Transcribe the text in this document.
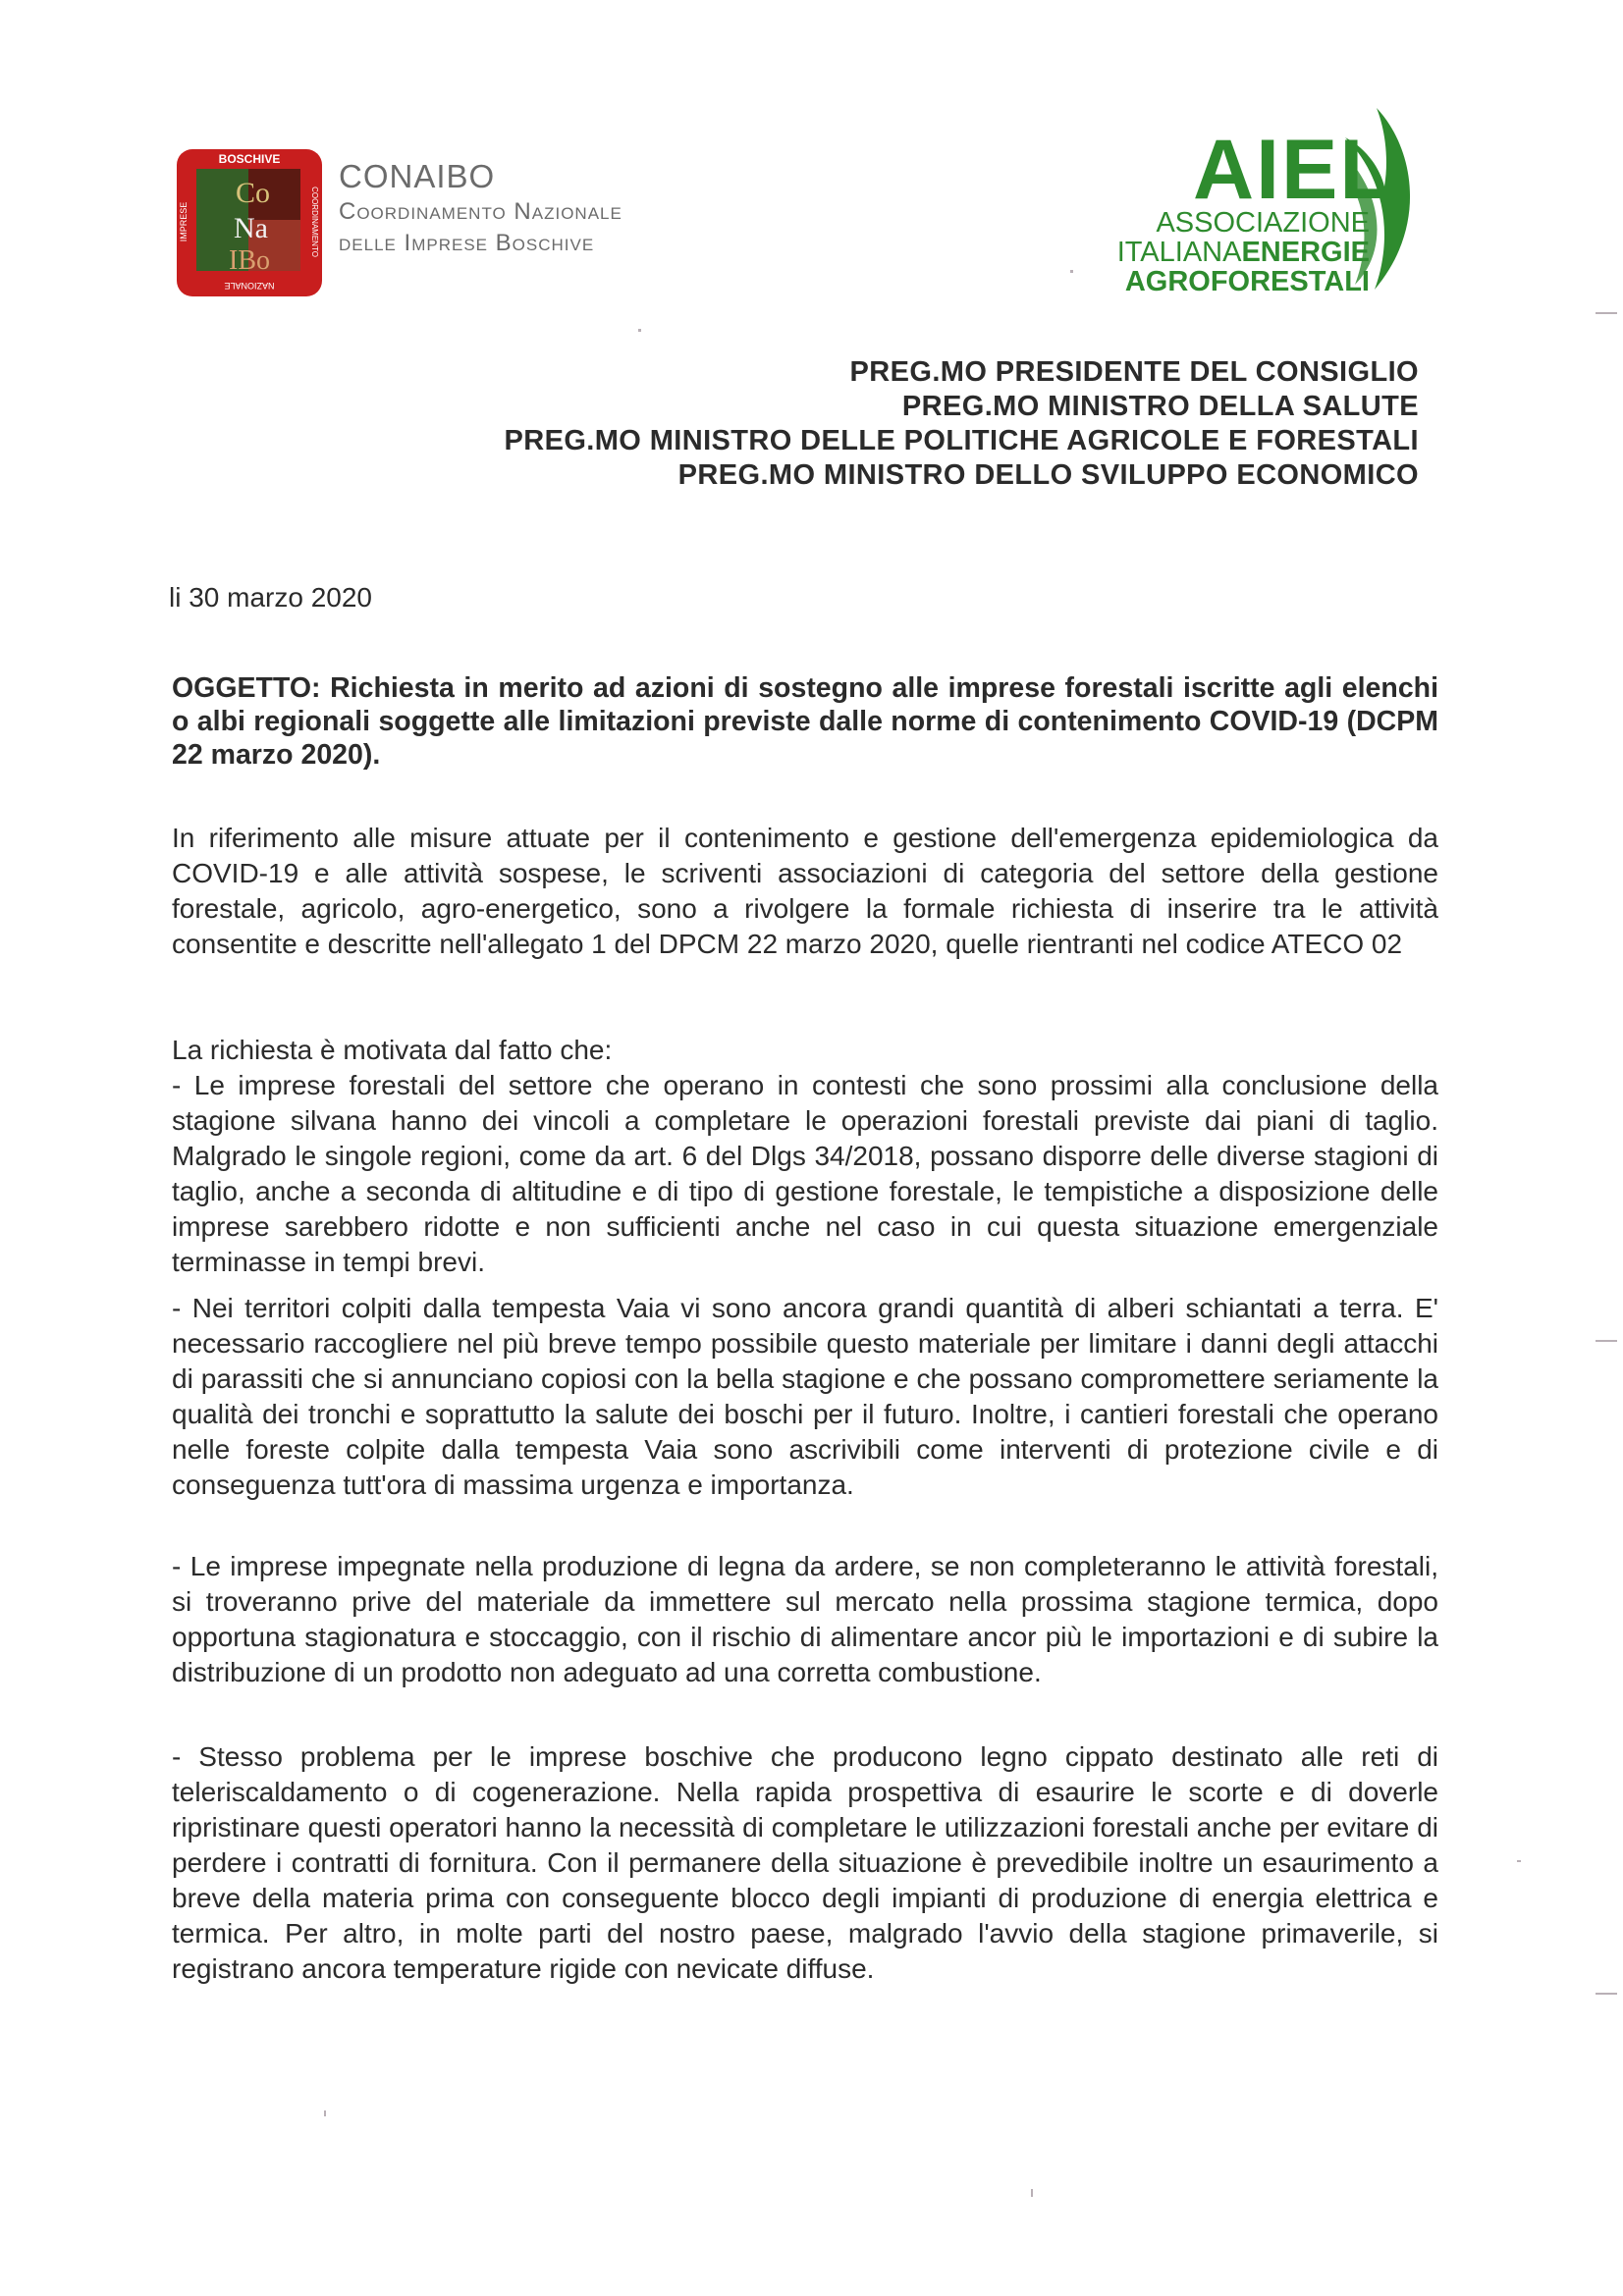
BOSCHIVE
IMPRESE	COORDINAMENTO
NAZIONALE
Co
Na
IBo
CONAIBO
Coordinamento Nazionale
delle Imprese Boschive
AIEL
ASSOCIAZIONE
ITALIANAENERGIE
AGROFORESTALI
PREG.MO PRESIDENTE DEL CONSIGLIO
PREG.MO MINISTRO DELLA SALUTE
PREG.MO MINISTRO DELLE POLITICHE AGRICOLE E FORESTALI
PREG.MO MINISTRO DELLO SVILUPPO ECONOMICO
li 30 marzo 2020
OGGETTO: Richiesta in merito ad azioni di sostegno alle imprese forestali iscritte agli elenchi o albi regionali soggette alle limitazioni previste dalle norme di contenimento COVID-19 (DCPM 22 marzo 2020).
In riferimento alle misure attuate per il contenimento e gestione dell'emergenza epidemiologica da COVID-19 e alle attività sospese, le scriventi associazioni di categoria del settore della gestione forestale, agricolo, agro-energetico, sono a rivolgere la formale richiesta di inserire tra le attività consentite e descritte nell'allegato 1 del DPCM 22 marzo 2020, quelle rientranti nel codice ATECO 02
La richiesta è motivata dal fatto che:
- Le imprese forestali del settore che operano in contesti che sono prossimi alla conclusione della stagione silvana hanno dei vincoli a completare le operazioni forestali previste dai piani di taglio. Malgrado le singole regioni, come da art. 6 del Dlgs 34/2018, possano disporre delle diverse stagioni di taglio, anche a seconda di altitudine e di tipo di gestione forestale, le tempistiche a disposizione delle imprese sarebbero ridotte e non sufficienti anche nel caso in cui questa situazione emergenziale terminasse in tempi brevi.
- Nei territori colpiti dalla tempesta Vaia vi sono ancora grandi quantità di alberi schiantati a terra. E' necessario raccogliere nel più breve tempo possibile questo materiale per limitare i danni degli attacchi di parassiti che si annunciano copiosi con la bella stagione e che possano compromettere seriamente la qualità dei tronchi e soprattutto la salute dei boschi per il futuro. Inoltre, i cantieri forestali che operano nelle foreste colpite dalla tempesta Vaia sono ascrivibili come interventi di protezione civile e di conseguenza tutt'ora di massima urgenza e importanza.
- Le imprese impegnate nella produzione di legna da ardere, se non completeranno le attività forestali, si troveranno prive del materiale da immettere sul mercato nella prossima stagione termica, dopo opportuna stagionatura e stoccaggio, con il rischio di alimentare ancor più le importazioni e di subire la distribuzione di un prodotto non adeguato ad una corretta combustione.
- Stesso problema per le imprese boschive che producono legno cippato destinato alle reti di teleriscaldamento o di cogenerazione. Nella rapida prospettiva di esaurire le scorte e di doverle ripristinare questi operatori hanno la necessità di completare le utilizzazioni forestali anche per evitare di perdere i contratti di fornitura. Con il permanere della situazione è prevedibile inoltre un esaurimento a breve della materia prima con conseguente blocco degli impianti di produzione di energia elettrica e termica. Per altro, in molte parti del nostro paese, malgrado l'avvio della stagione primaverile, si registrano ancora temperature rigide con nevicate diffuse.
